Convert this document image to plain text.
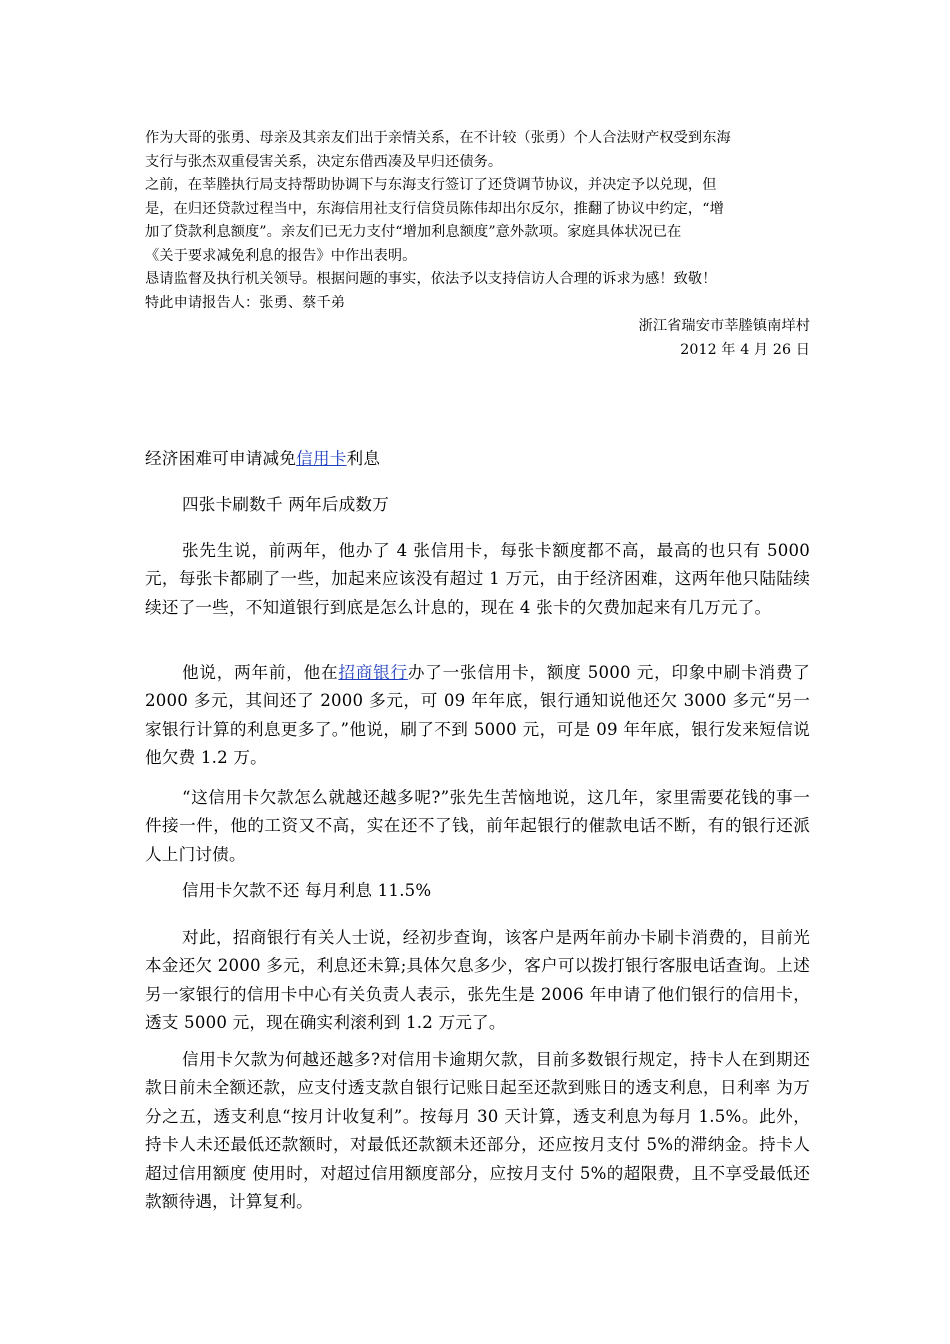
作为大哥的张勇、母亲及其亲友们出于亲情关系，在不计较（张勇）个人合法财产权受到东海

支行与张杰双重侵害关系，决定东借西凑及早归还债务。

之前，在莘塍执行局支持帮助协调下与东海支行签订了还贷调节协议，并决定予以兑现，但

是，在归还贷款过程当中，东海信用社支行信贷员陈伟却出尔反尔，推翻了协议中约定，“增

加了贷款利息额度”。亲友们已无力支付“增加利息额度”意外款项。家庭具体状况已在

《关于要求减免利息的报告》中作出表明。

恳请监督及执行机关领导。根据问题的事实，依法予以支持信访人合理的诉求为感！致敬！

特此申请报告人：张勇、蔡千弟

浙江省瑞安市莘塍镇南垟村

2012 年 4 月 26 日

经济困难可申请减免信用卡利息

四张卡刷数千 两年后成数万

张先生说，前两年，他办了 4 张信用卡，每张卡额度都不高，最高的也只有 5000 元，每张卡都刷了一些，加起来应该没有超过 1 万元，由于经济困难，这两年他只陆陆续续还了一些，不知道银行到底是怎么计息的，现在 4 张卡的欠费加起来有几万元了。

他说，两年前，他在招商银行办了一张信用卡，额度 5000 元，印象中刷卡消费了 2000 多元，其间还了 2000 多元，可 09 年年底，银行通知说他还欠 3000 多元“另一家银行计算的利息更多了。”他说，刷了不到 5000 元，可是 09 年年底，银行发来短信说他欠费 1.2 万。

“这信用卡欠款怎么就越还越多呢?”张先生苦恼地说，这几年，家里需要花钱的事一件接一件，他的工资又不高，实在还不了钱，前年起银行的催款电话不断，有的银行还派人上门讨债。

信用卡欠款不还 每月利息 11.5%

对此，招商银行有关人士说，经初步查询，该客户是两年前办卡刷卡消费的，目前光本金还欠 2000 多元，利息还未算;具体欠息多少，客户可以拨打银行客服电话查询。上述另一家银行的信用卡中心有关负责人表示，张先生是 2006 年申请了他们银行的信用卡，透支 5000 元，现在确实利滚利到 1.2 万元了。

信用卡欠款为何越还越多?对信用卡逾期欠款，目前多数银行规定，持卡人在到期还款日前未全额还款，应支付透支款自银行记账日起至还款到账日的透支利息，日利率 为万分之五，透支利息“按月计收复利”。按每月 30 天计算，透支利息为每月 1.5%。此外，持卡人未还最低还款额时，对最低还款额未还部分，还应按月支付 5%的滞纳金。持卡人超过信用额度 使用时，对超过信用额度部分，应按月支付 5%的超限费，且不享受最低还款额待遇，计算复利。
